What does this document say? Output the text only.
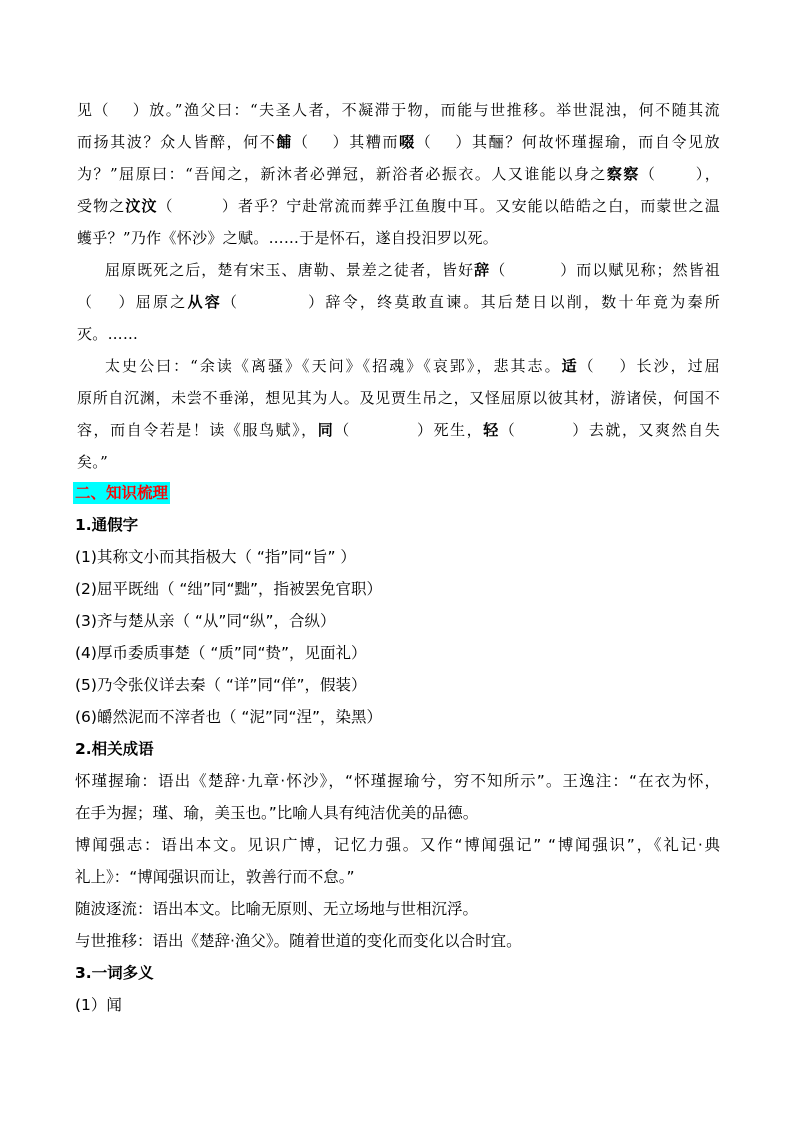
见（　 ）放。”渔父曰：“夫圣人者，不凝滞于物，而能与世推移。举世混浊，何不随其流
而扬其波？众人皆醉，何不餔（　 ）其糟而啜（　 ）其酾？何故怀瑾握瑜，而自令见放
为？”屈原曰：“吾闻之，新沐者必弹冠，新浴者必振衣。人又谁能以身之察察（　　 ），
受物之汶汶（　　　）者乎？宁赴常流而葬乎江鱼腹中耳。又安能以皓皓之白，而蒙世之温
蠖乎？”乃作《怀沙》之赋。……于是怀石，遂自投汨罗以死。
屈原既死之后，楚有宋玉、唐勒、景差之徒者，皆好辞（　　　 ）而以赋见称；然皆祖
（　 ）屈原之从容（　　　　）辞令，终莫敢直谏。其后楚日以削，数十年竟为秦所
灭。……
太史公曰：“余读《离骚》《天问》《招魂》《哀郢》，悲其志。适（　 ）长沙，过屈
原所自沉渊，未尝不垂涕，想见其为人。及见贾生吊之，又怪屈原以彼其材，游诸侯，何国不
容，而自令若是！读《服鸟赋》，同（　　　　）死生，轻（　　　 ）去就，又爽然自失
矣。”
二、知识梳理
1.通假字
(1)其称文小而其指极大（ “指”同“旨” ）
(2)屈平既绌（ “绌”同“黜”，指被罢免官职）
(3)齐与楚从亲（ “从”同“纵”，合纵）
(4)厚币委质事楚（ “质”同“贽”，见面礼）
(5)乃令张仪详去秦（ “详”同“佯”，假装）
(6)皭然泥而不滓者也（ “泥”同“涅”，染黑）
2.相关成语
怀瑾握瑜：语出《楚辞·九章·怀沙》，“怀瑾握瑜兮，穷不知所示”。王逸注：“在衣为怀，
在手为握；瑾、瑜，美玉也。”比喻人具有纯洁优美的品德。
博闻强志：语出本文。见识广博，记忆力强。又作“博闻强记” “博闻强识”，《礼记·典
礼上》：“博闻强识而让，敦善行而不怠。”
随波逐流：语出本文。比喻无原则、无立场地与世相沉浮。
与世推移：语出《楚辞·渔父》。随着世道的变化而变化以合时宜。
3.一词多义
(1）闻
